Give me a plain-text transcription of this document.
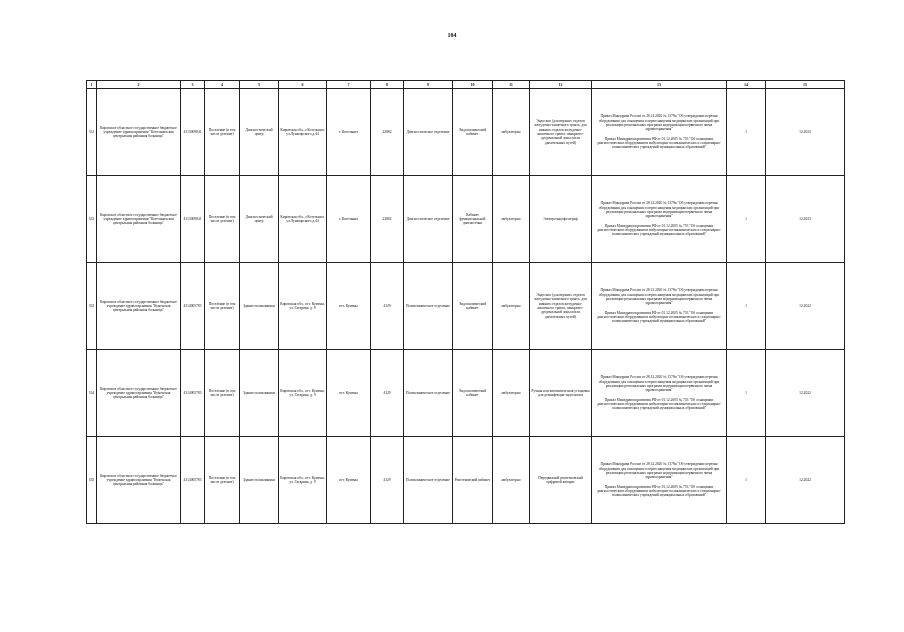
104
1	2	3	4	5	6	7	8	9	10	11	12	13	14	15
331	Кировское областное государственное бюджетное учреждение здравоохранения "Котельничская центральная районная больница"	4313009841	Поселение (в том числе деление)	Диагностический центр	Кировская обл., г.Котельнич, ул.Луначарского,д.44	г. Котельнич	22882	Диагностическое отделение	Эндоскопический кабинет	амбулаторно	Эндоскоп (для верхних отделов желудочно-кишечного тракта, для нижних отделов желудочно-кишечного тракта, панкреато-дуоденальной зоны и/или дыхательных путей)	Приказ Минздрава России от 28.12.2020 № 1379н "Об утверждении перечня оборудования для оснащения и переоснащения медицинских организаций при реализации региональных программ модернизации первичного звена здравоохранения"
Приказ Минздравсоцразвития РФ от 01.12.2005 № 753 "Об оснащении диагностическим оборудованием амбулаторно-поликлинических и стационарно-поликлинических учреждений муниципальных образований"	1	12.2023
332	Кировское областное государственное бюджетное учреждение здравоохранения "Котельничская центральная районная больница"	4313009841	Поселение (в том числе деление)	Диагностический центр	Кировская обл., г.Котельнич, ул.Луначарского,д.44	г. Котельнич	22882	Диагностическое отделение	Кабинет функциональной диагностики	амбулаторно	Электроэнцефалограф	Приказ Минздрава России от 28.12.2020 № 1379н "Об утверждении перечня оборудования для оснащения и переоснащения медицинских организаций при реализации региональных программ модернизации первичного звена здравоохранения"
Приказ Минздравсоцразвития РФ от 01.12.2005 № 753 "Об оснащении диагностическим оборудованием амбулаторно-поликлинических и стационарно-поликлинических учреждений муниципальных образований"	1	12.2023
333	Кировское областное государственное бюджетное учреждение здравоохранения "Куменская центральная районная больница"	4314005783	Поселение (в том числе деление)	Здание поликлиники	Кировская обл., пгт. Кумены, ул. Гагарина, д. 9	пгт. Кумены	4129	Поликлиническое отделение	Эндоскопический кабинет	амбулаторно	Эндоскоп (для верхних отделов желудочно-кишечного тракта, для нижних отделов желудочно-кишечного тракта, панкреато-дуоденальной зоны и/или дыхательных путей)	Приказ Минздрава России от 28.12.2020 № 1379н "Об утверждении перечня оборудования для оснащения и переоснащения медицинских организаций при реализации региональных программ модернизации первичного звена здравоохранения"
Приказ Минздравсоцразвития РФ от 01.12.2005 № 753 "Об оснащении диагностическим оборудованием амбулаторно-поликлинических и стационарно-поликлинических учреждений муниципальных образований"	1	12.2022
334	Кировское областное государственное бюджетное учреждение здравоохранения "Куменская центральная районная больница"	4314005783	Поселение (в том числе деление)	Здание поликлиники	Кировская обл., пгт. Кумены, ул. Гагарина, д. 9	пгт. Кумены	4129	Поликлиническое отделение	Эндоскопический кабинет	амбулаторно	Ручная или автоматическая установка для дезинфекции эндоскопов	Приказ Минздрава России от 28.12.2020 № 1379н "Об утверждении перечня оборудования для оснащения и переоснащения медицинских организаций при реализации региональных программ модернизации первичного звена здравоохранения"
Приказ Минздравсоцразвития РФ от 01.12.2005 № 753 "Об оснащении диагностическим оборудованием амбулаторно-поликлинических и стационарно-поликлинических учреждений муниципальных образований"	1	12.2022
335	Кировское областное государственное бюджетное учреждение здравоохранения "Куменская центральная районная больница"	4314005783	Поселение (в том числе деление)	Здание поликлиники	Кировская обл., пгт. Кумены, ул. Гагарина, д. 9	пгт. Кумены	4129	Поликлиническое отделение	Рентгеновский кабинет	амбулаторно	Передвижной рентгеновский цифровой аппарат	Приказ Минздрава России от 28.12.2020 № 1379н "Об утверждении перечня оборудования для оснащения и переоснащения медицинских организаций при реализации региональных программ модернизации первичного звена здравоохранения"
Приказ Минздравсоцразвития РФ от 01.12.2005 № 753 "Об оснащении диагностическим оборудованием амбулаторно-поликлинических и стационарно-поликлинических учреждений муниципальных образований"	1	12.2022
